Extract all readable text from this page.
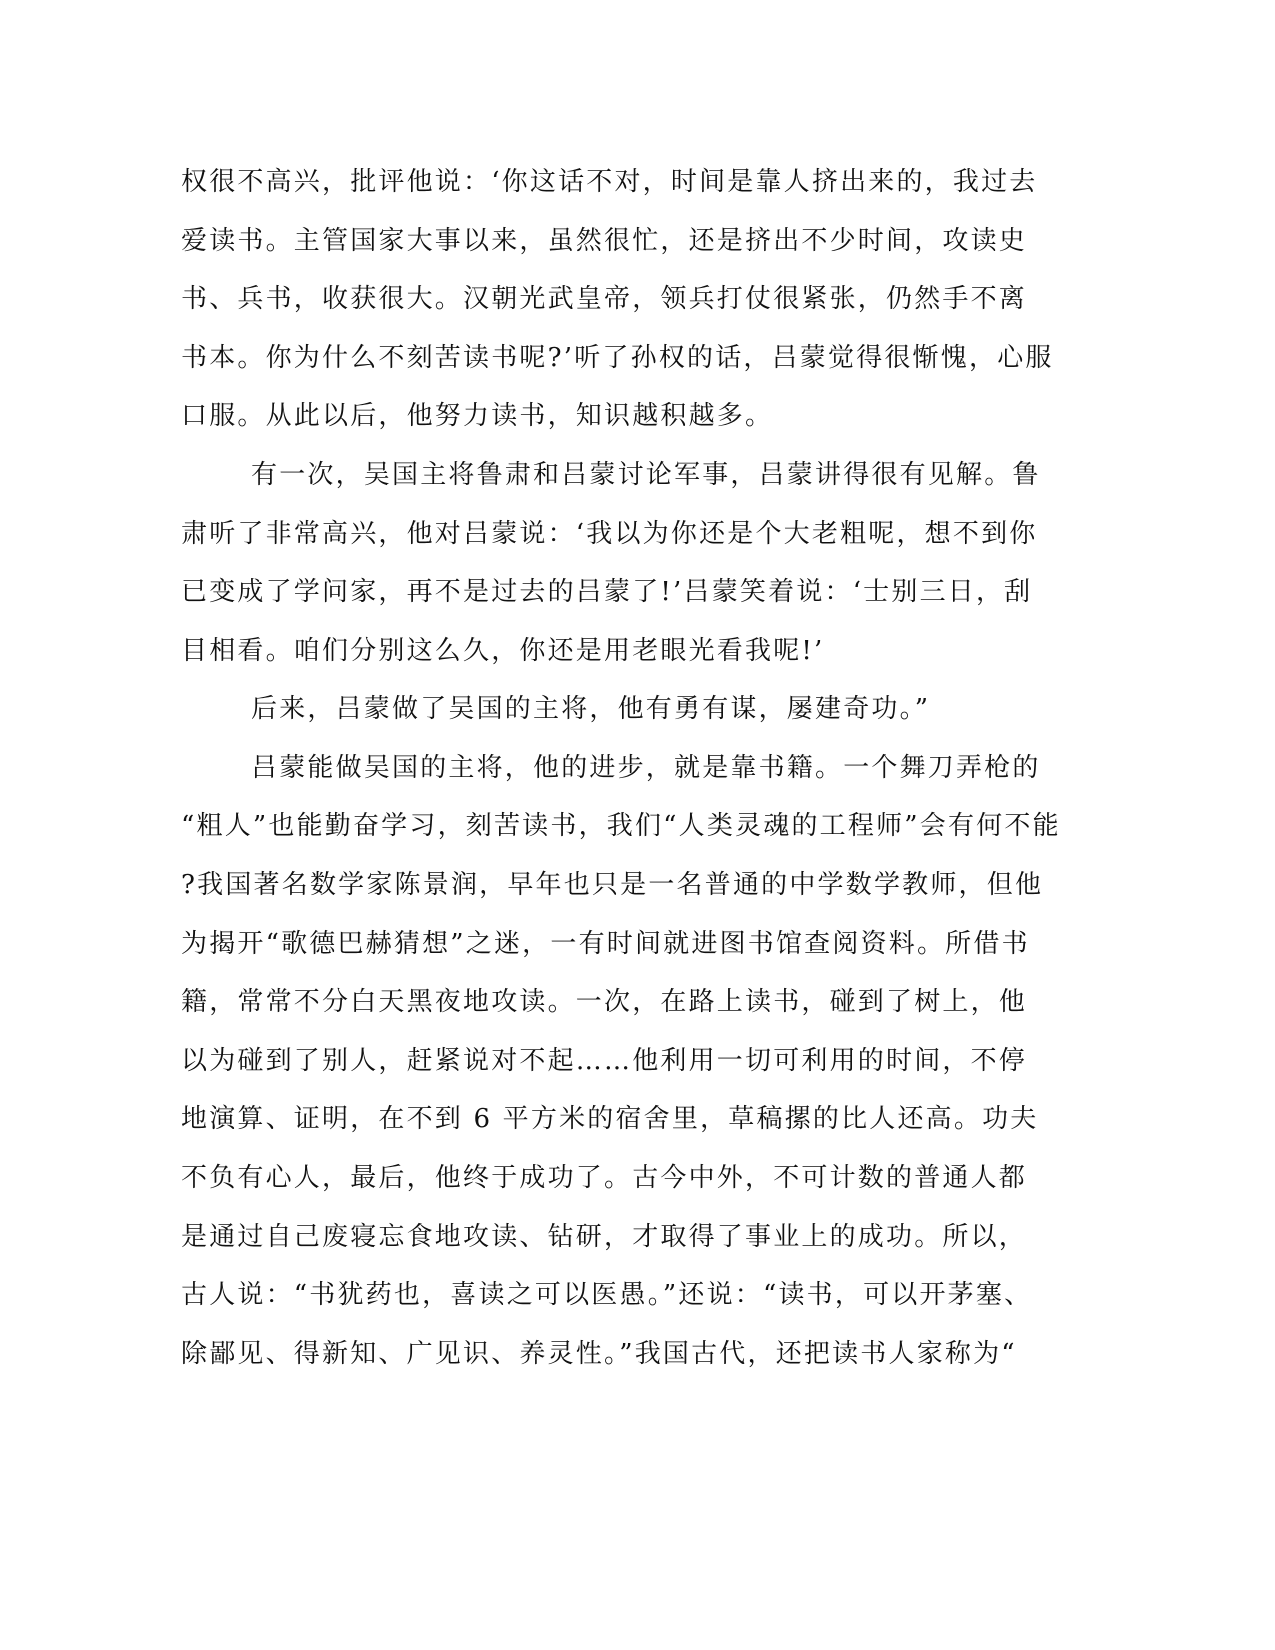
权很不高兴，批评他说：‘你这话不对，时间是靠人挤出来的，我过去
爱读书。主管国家大事以来，虽然很忙，还是挤出不少时间，攻读史
书、兵书，收获很大。汉朝光武皇帝，领兵打仗很紧张，仍然手不离
书本。你为什么不刻苦读书呢?’听了孙权的话，吕蒙觉得很惭愧，心服
口服。从此以后，他努力读书，知识越积越多。
有一次，吴国主将鲁肃和吕蒙讨论军事，吕蒙讲得很有见解。鲁
肃听了非常高兴，他对吕蒙说：‘我以为你还是个大老粗呢，想不到你
已变成了学问家，再不是过去的吕蒙了!’吕蒙笑着说：‘士别三日，刮
目相看。咱们分别这么久，你还是用老眼光看我呢!’
后来，吕蒙做了吴国的主将，他有勇有谋，屡建奇功。”
吕蒙能做吴国的主将，他的进步，就是靠书籍。一个舞刀弄枪的
“粗人”也能勤奋学习，刻苦读书，我们“人类灵魂的工程师”会有何不能
?我国著名数学家陈景润，早年也只是一名普通的中学数学教师，但他
为揭开“歌德巴赫猜想”之迷，一有时间就进图书馆查阅资料。所借书
籍，常常不分白天黑夜地攻读。一次，在路上读书，碰到了树上，他
以为碰到了别人，赶紧说对不起……他利用一切可利用的时间，不停
地演算、证明，在不到 6 平方米的宿舍里，草稿摞的比人还高。功夫
不负有心人，最后，他终于成功了。古今中外，不可计数的普通人都
是通过自己废寝忘食地攻读、钻研，才取得了事业上的成功。所以，
古人说：“书犹药也，喜读之可以医愚。”还说：“读书，可以开茅塞、
除鄙见、得新知、广见识、养灵性。”我国古代，还把读书人家称为“
